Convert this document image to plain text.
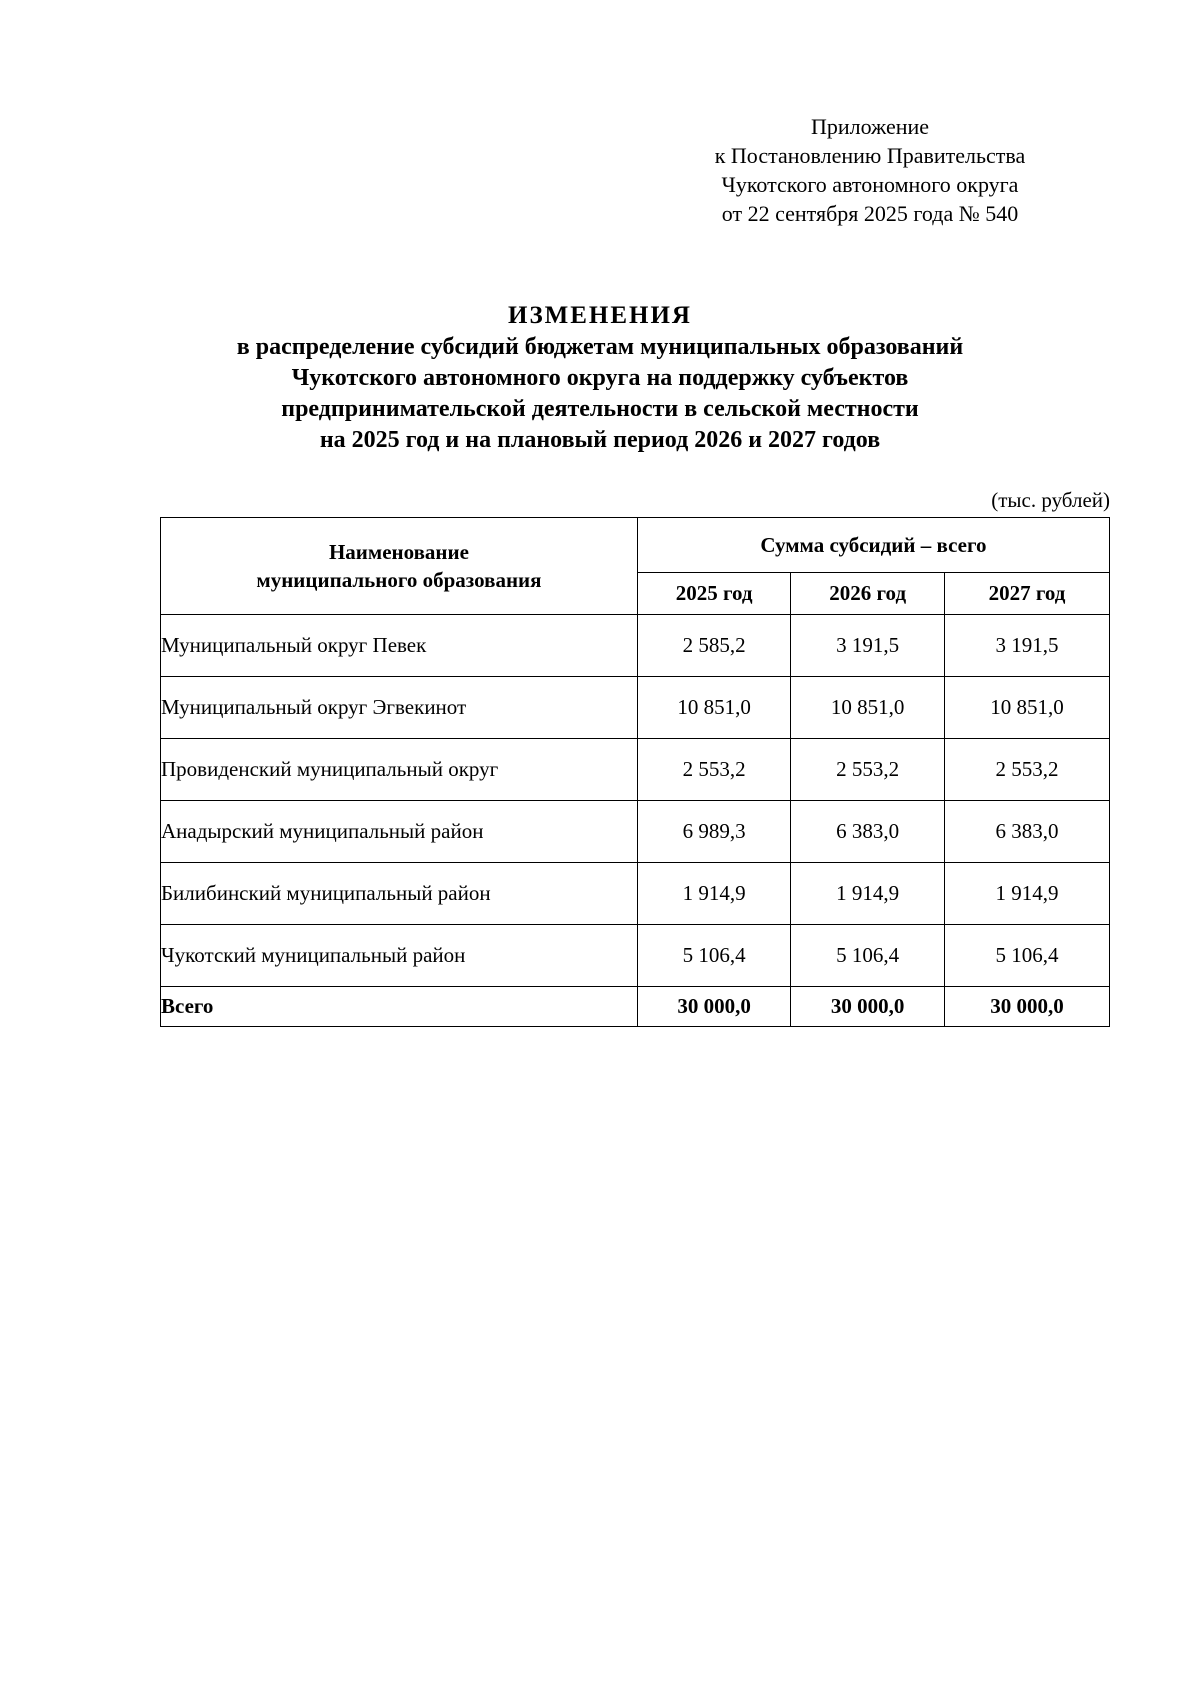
Приложение
к Постановлению Правительства
Чукотского автономного округа
от 22 сентября 2025 года № 540
ИЗМЕНЕНИЯ
в распределение субсидий бюджетам муниципальных образований
Чукотского автономного округа на поддержку субъектов
предпринимательской деятельности в сельской местности
на 2025 год и на плановый период 2026 и 2027 годов
(тыс. рублей)
Наименование
муниципального образования	Сумма субсидий – всего		
	2025 год	2026 год	2027 год
Муниципальный округ Певек	2 585,2	3 191,5	3 191,5
Муниципальный округ Эгвекинот	10 851,0	10 851,0	10 851,0
Провиденский муниципальный округ	2 553,2	2 553,2	2 553,2
Анадырский муниципальный район	6 989,3	6 383,0	6 383,0
Билибинский муниципальный район	1 914,9	1 914,9	1 914,9
Чукотский муниципальный район	5 106,4	5 106,4	5 106,4
Всего	30 000,0	30 000,0	30 000,0
